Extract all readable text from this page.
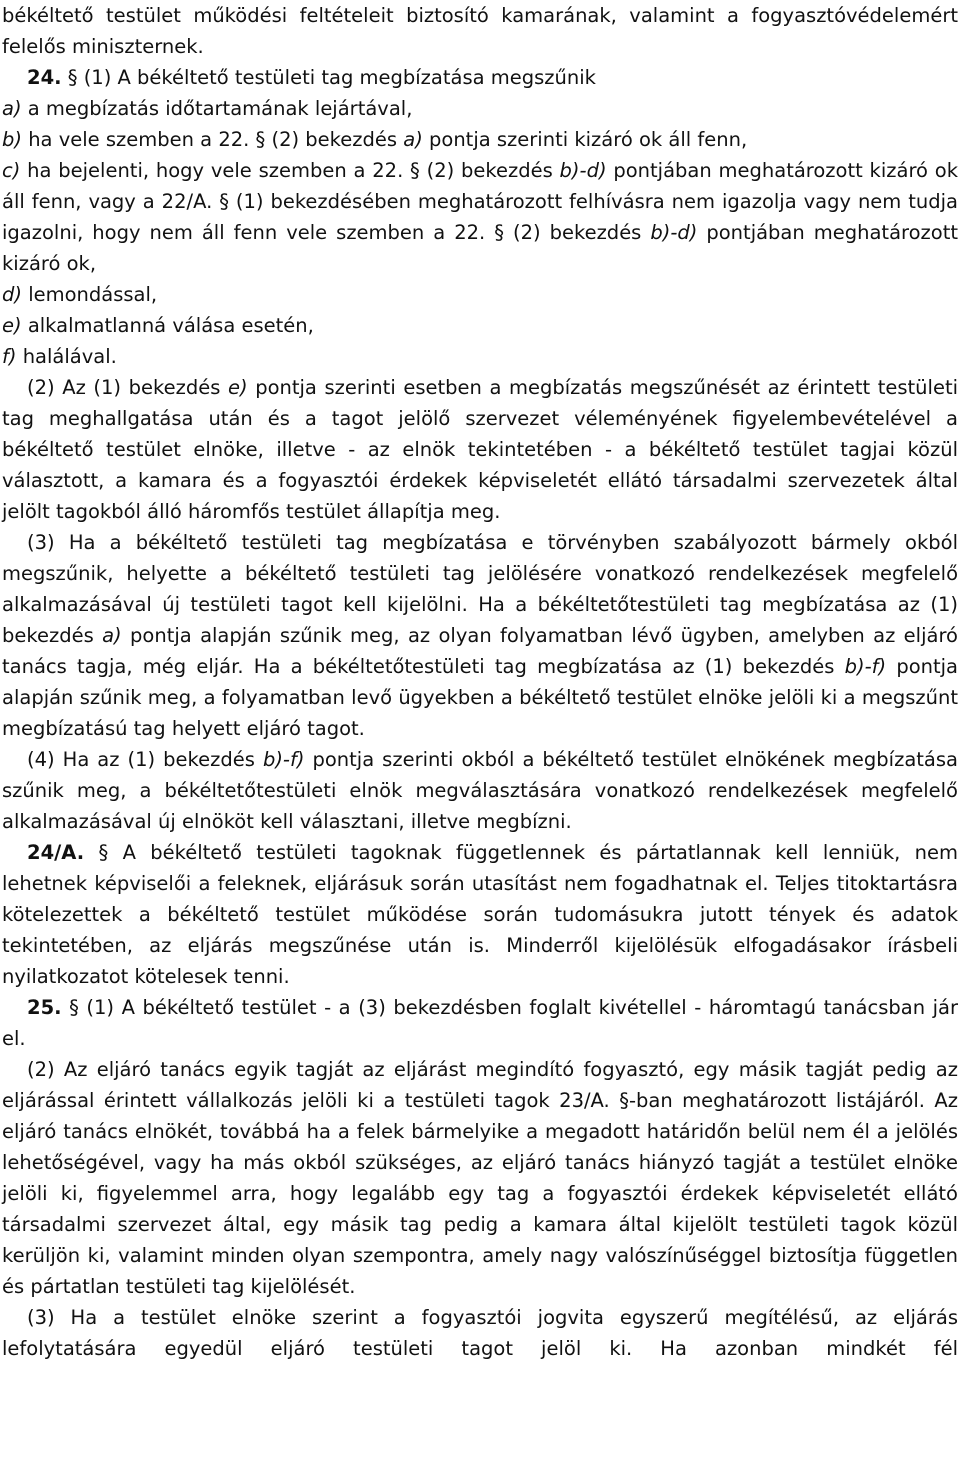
békéltető testület működési feltételeit biztosító kamarának, valamint a fogyasztóvédelemért felelős miniszternek.

24. § (1) A békéltető testületi tag megbízatása megszűnik

a) a megbízatás időtartamának lejártával,

b) ha vele szemben a 22. § (2) bekezdés a) pontja szerinti kizáró ok áll fenn,

c) ha bejelenti, hogy vele szemben a 22. § (2) bekezdés b)-d) pontjában meghatározott kizáró ok áll fenn, vagy a 22/A. § (1) bekezdésében meghatározott felhívásra nem igazolja vagy nem tudja igazolni, hogy nem áll fenn vele szemben a 22. § (2) bekezdés b)-d) pontjában meghatározott kizáró ok,

d) lemondással,

e) alkalmatlanná válása esetén,

f) halálával.

(2) Az (1) bekezdés e) pontja szerinti esetben a megbízatás megszűnését az érintett testületi tag meghallgatása után és a tagot jelölő szervezet véleményének figyelembevételével a békéltető testület elnöke, illetve - az elnök tekintetében - a békéltető testület tagjai közül választott, a kamara és a fogyasztói érdekek képviseletét ellátó társadalmi szervezetek által jelölt tagokból álló háromfős testület állapítja meg.

(3) Ha a békéltető testületi tag megbízatása e törvényben szabályozott bármely okból megszűnik, helyette a békéltető testületi tag jelölésére vonatkozó rendelkezések megfelelő alkalmazásával új testületi tagot kell kijelölni. Ha a békéltetőtestületi tag megbízatása az (1) bekezdés a) pontja alapján szűnik meg, az olyan folyamatban lévő ügyben, amelyben az eljáró tanács tagja, még eljár. Ha a békéltetőtestületi tag megbízatása az (1) bekezdés b)-f) pontja alapján szűnik meg, a folyamatban levő ügyekben a békéltető testület elnöke jelöli ki a megszűnt megbízatású tag helyett eljáró tagot.

(4) Ha az (1) bekezdés b)-f) pontja szerinti okból a békéltető testület elnökének megbízatása szűnik meg, a békéltetőtestületi elnök megválasztására vonatkozó rendelkezések megfelelő alkalmazásával új elnököt kell választani, illetve megbízni.

24/A. § A békéltető testületi tagoknak függetlennek és pártatlannak kell lenniük, nem lehetnek képviselői a feleknek, eljárásuk során utasítást nem fogadhatnak el. Teljes titoktartásra kötelezettek a békéltető testület működése során tudomásukra jutott tények és adatok tekintetében, az eljárás megszűnése után is. Minderről kijelölésük elfogadásakor írásbeli nyilatkozatot kötelesek tenni.

25. § (1) A békéltető testület - a (3) bekezdésben foglalt kivétellel - háromtagú tanácsban jár el.

(2) Az eljáró tanács egyik tagját az eljárást megindító fogyasztó, egy másik tagját pedig az eljárással érintett vállalkozás jelöli ki a testületi tagok 23/A. §-ban meghatározott listájáról. Az eljáró tanács elnökét, továbbá ha a felek bármelyike a megadott határidőn belül nem él a jelölés lehetőségével, vagy ha más okból szükséges, az eljáró tanács hiányzó tagját a testület elnöke jelöli ki, figyelemmel arra, hogy legalább egy tag a fogyasztói érdekek képviseletét ellátó társadalmi szervezet által, egy másik tag pedig a kamara által kijelölt testületi tagok közül kerüljön ki, valamint minden olyan szempontra, amely nagy valószínűséggel biztosítja független és pártatlan testületi tag kijelölését.

(3) Ha a testület elnöke szerint a fogyasztói jogvita egyszerű megítélésű, az eljárás lefolytatására egyedül eljáró testületi tagot jelöl ki. Ha azonban mindkét fél
